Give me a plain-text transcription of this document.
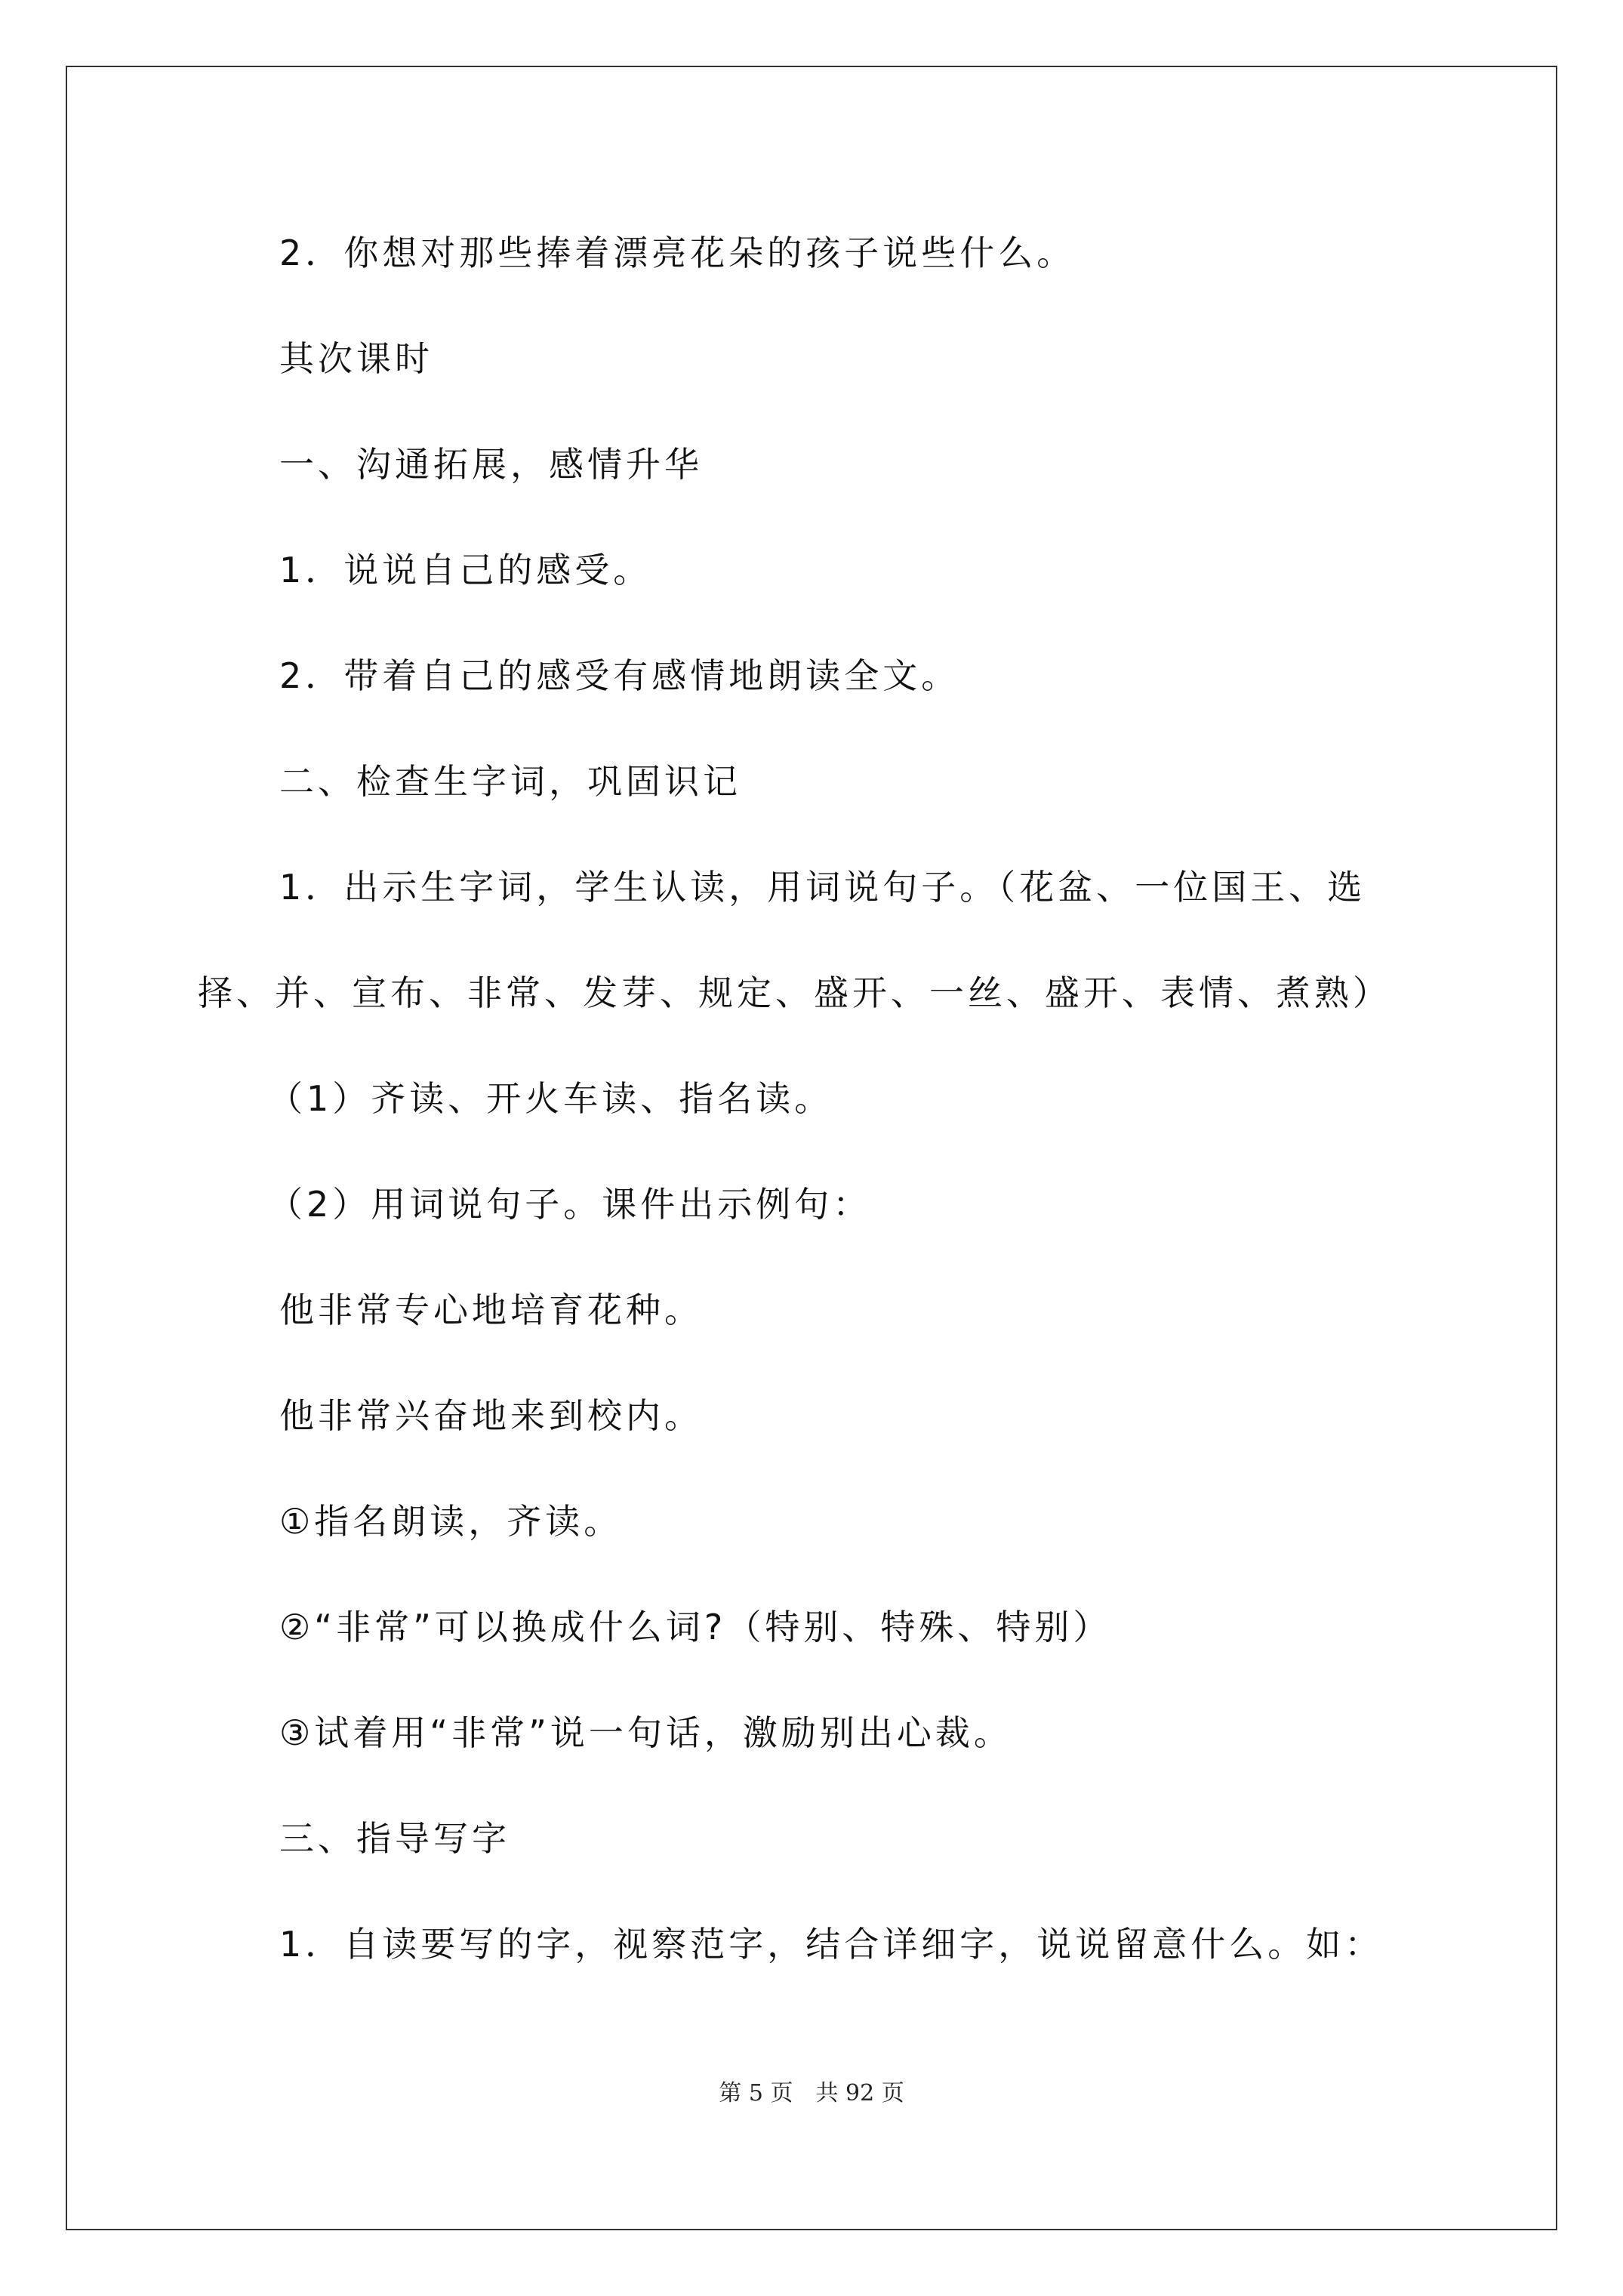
2．你想对那些捧着漂亮花朵的孩子说些什么。
其次课时
一、沟通拓展，感情升华
1．说说自己的感受。
2．带着自己的感受有感情地朗读全文。
二、检查生字词，巩固识记
1．出示生字词，学生认读，用词说句子。（花盆、一位国王、选
择、并、宣布、非常、发芽、规定、盛开、一丝、盛开、表情、煮熟）
（1）齐读、开火车读、指名读。
（2）用词说句子。课件出示例句：
他非常专心地培育花种。
他非常兴奋地来到校内。
①指名朗读，齐读。
②“非常”可以换成什么词?（特别、特殊、特别）
③试着用“非常”说一句话，激励别出心裁。
三、指导写字
1．自读要写的字，视察范字，结合详细字，说说留意什么。如：
第 5 页　共 92 页
